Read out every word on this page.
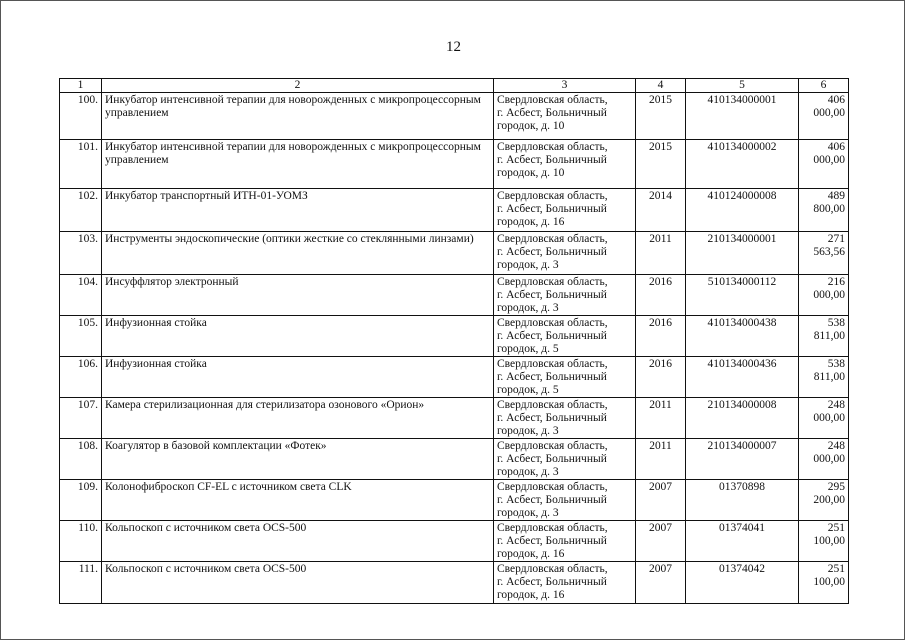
12
1	2	3	4	5	6
100.	Инкубатор интенсивной терапии для новорожденных с микропроцессорным управлением	Свердловская область,
г. Асбест, Больничный
городок, д. 10	2015	410134000001	406 000,00
101.	Инкубатор интенсивной терапии для новорожденных с микропроцессорным управлением	Свердловская область,
г. Асбест, Больничный
городок, д. 10	2015	410134000002	406 000,00
102.	Инкубатор транспортный ИТН-01-УОМЗ	Свердловская область,
г. Асбест, Больничный
городок, д. 16	2014	410124000008	489 800,00
103.	Инструменты эндоскопические (оптики жесткие со стеклянными линзами)	Свердловская область,
г. Асбест, Больничный
городок, д. 3	2011	210134000001	271 563,56
104.	Инсуффлятор электронный	Свердловская область,
г. Асбест, Больничный
городок, д. 3	2016	510134000112	216 000,00
105.	Инфузионная стойка	Свердловская область,
г. Асбест, Больничный
городок, д. 5	2016	410134000438	538 811,00
106.	Инфузионная стойка	Свердловская область,
г. Асбест, Больничный
городок, д. 5	2016	410134000436	538 811,00
107.	Камера стерилизационная для стерилизатора озонового «Орион»	Свердловская область,
г. Асбест, Больничный
городок, д. 3	2011	210134000008	248 000,00
108.	Коагулятор в базовой комплектации «Фотек»	Свердловская область,
г. Асбест, Больничный
городок, д. 3	2011	210134000007	248 000,00
109.	Колонофиброскоп CF-EL с источником света CLK	Свердловская область,
г. Асбест, Больничный
городок, д. 3	2007	01370898	295 200,00
110.	Кольпоскоп с источником света OCS-500	Свердловская область,
г. Асбест, Больничный
городок, д. 16	2007	01374041	251 100,00
111.	Кольпоскоп с источником света OCS-500	Свердловская область,
г. Асбест, Больничный
городок, д. 16	2007	01374042	251 100,00
